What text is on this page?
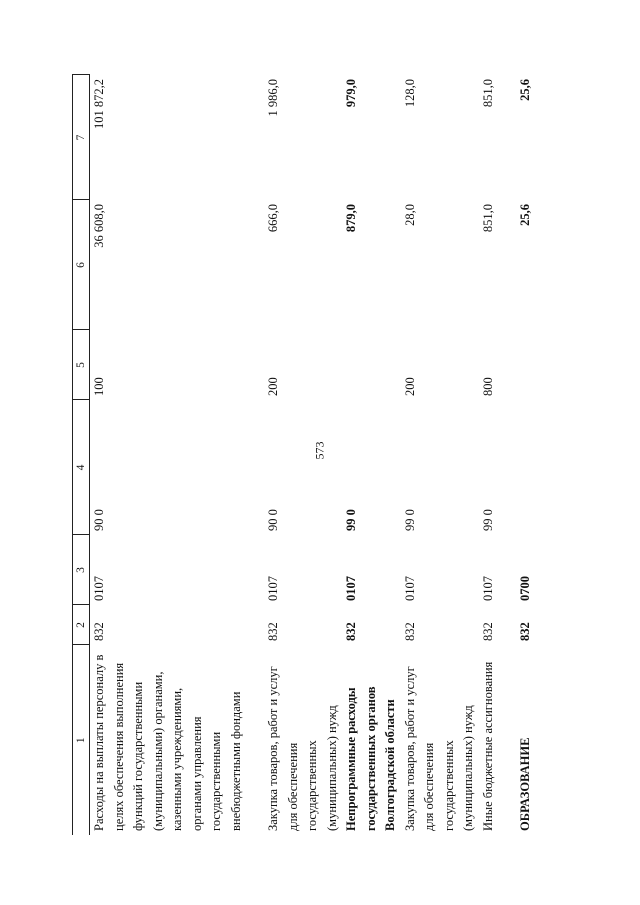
573
1	2	3	4	5	6	7
Расходы на выплаты персоналу в целях обеспечения выполнения функций государственными (муниципальными) органами, казенными учреждениями, органами управления государственными внебюджетными фондами	832	0107	90 0	100	36 608,0	101 872,2

Закупка товаров, работ и услуг для обеспечения государственных (муниципальных) нужд	832	0107	90 0	200	666,0	1 986,0
Непрограммные расходы государственных органов Волгоградской области	832	0107	99 0		879,0	979,0
Закупка товаров, работ и услуг для обеспечения государственных (муниципальных) нужд	832	0107	99 0	200	28,0	128,0
Иные бюджетные ассигнования	832	0107	99 0	800	851,0	851,0

ОБРАЗОВАНИЕ	832	0700			25,6	25,6
